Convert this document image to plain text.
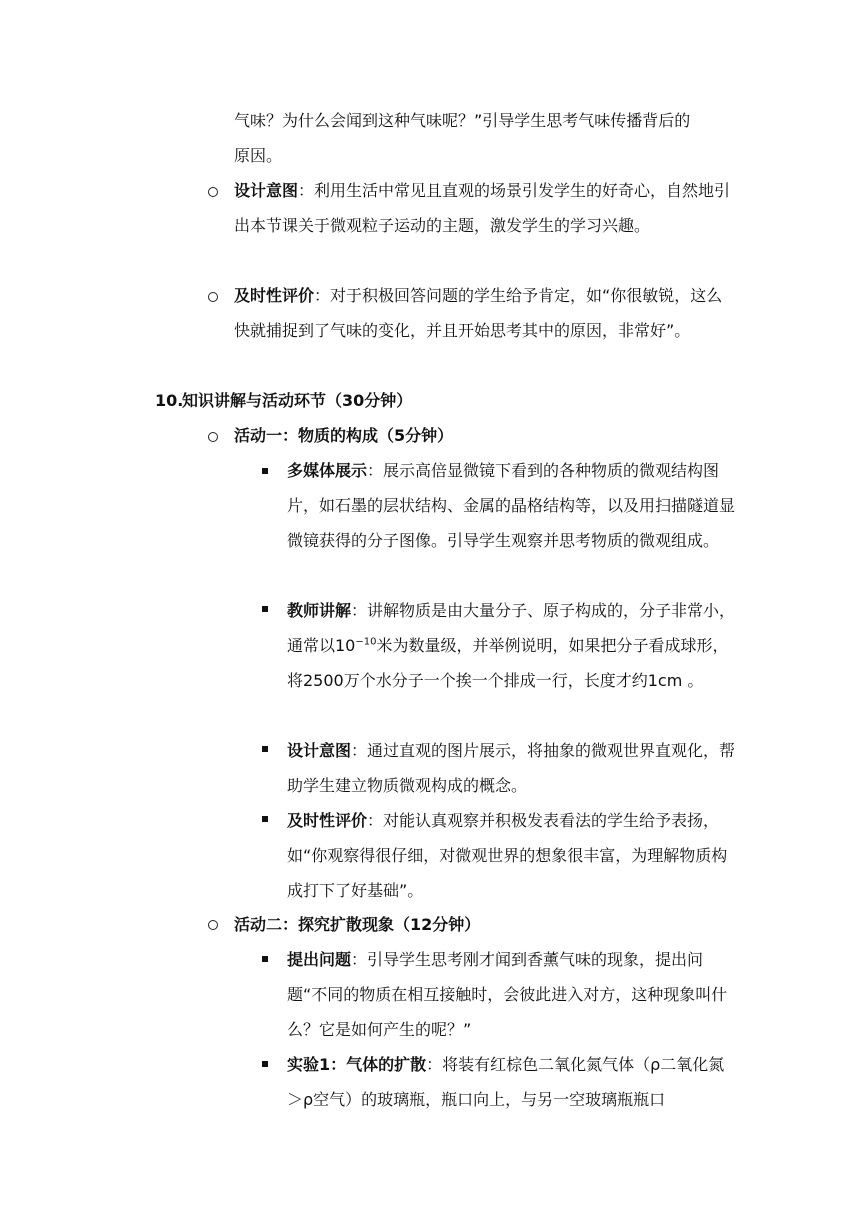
气味？为什么会闻到这种气味呢？”引导学生思考气味传播背后的
原因。
设计意图：利用生活中常见且直观的场景引发学生的好奇心，自然地引出本节课关于微观粒子运动的主题，激发学生的学习兴趣。
及时性评价：对于积极回答问题的学生给予肯定，如“你很敏锐，这么快就捕捉到了气味的变化，并且开始思考其中的原因，非常好”。
10.
知识讲解与活动环节（30分钟）
活动一：物质的构成（5分钟）
多媒体展示：展示高倍显微镜下看到的各种物质的微观结构图片，如石墨的层状结构、金属的晶格结构等，以及用扫描隧道显微镜获得的分子图像。引导学生观察并思考物质的微观组成。
教师讲解：讲解物质是由大量分子、原子构成的，分子非常小，通常以$10^{-10}$米为数量级，并举例说明，如果把分子看成球形，将2500万个水分子一个挨一个排成一行，长度才约1cm 。
设计意图：通过直观的图片展示，将抽象的微观世界直观化，帮助学生建立物质微观构成的概念。
及时性评价：对能认真观察并积极发表看法的学生给予表扬，如“你观察得很仔细，对微观世界的想象很丰富，为理解物质构成打下了好基础”。
活动二：探究扩散现象（12分钟）
提出问题：引导学生思考刚才闻到香薰气味的现象，提出问题“不同的物质在相互接触时，会彼此进入对方，这种现象叫什么？它是如何产生的呢？”
实验1：气体的扩散：将装有红棕色二氧化氮气体（ρ二氧化氮＞ρ空气）的玻璃瓶，瓶口向上，与另一空玻璃瓶瓶口
